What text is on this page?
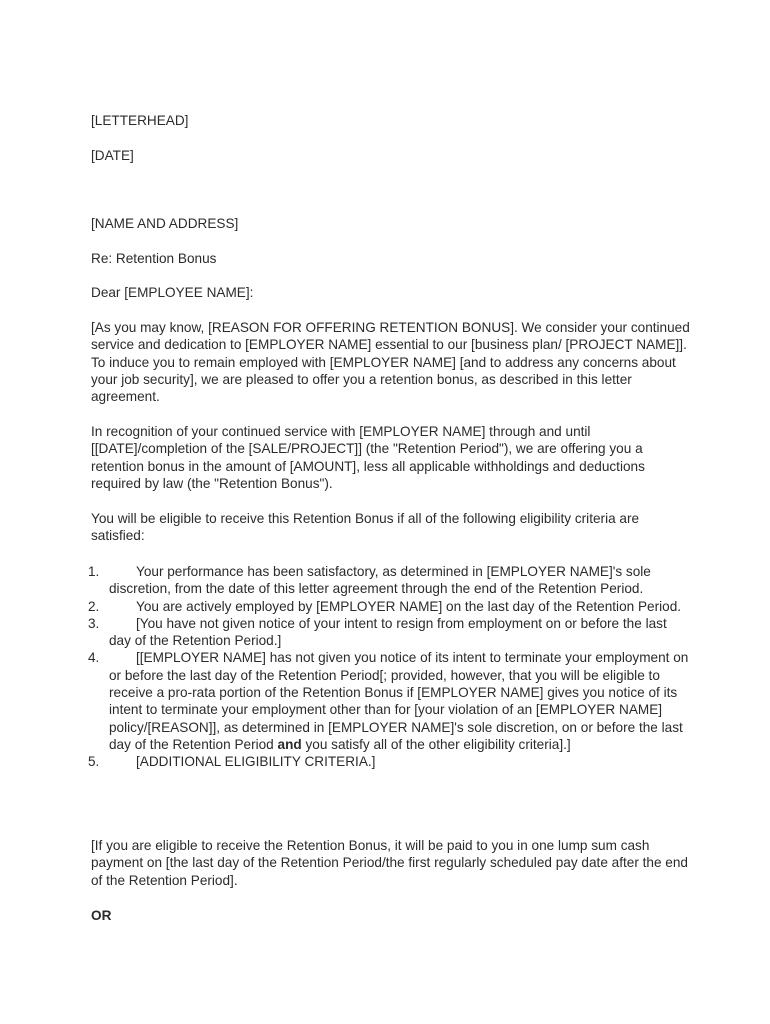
[LETTERHEAD]

[DATE]

[NAME AND ADDRESS]

Re: Retention Bonus

Dear [EMPLOYEE NAME]:

[As you may know, [REASON FOR OFFERING RETENTION BONUS]. We consider your continued service and dedication to [EMPLOYER NAME] essential to our [business plan/ [PROJECT NAME]]. To induce you to remain employed with [EMPLOYER NAME] [and to address any concerns about your job security], we are pleased to offer you a retention bonus, as described in this letter agreement.

In recognition of your continued service with [EMPLOYER NAME] through and until [[DATE]/completion of the [SALE/PROJECT]] (the "Retention Period"), we are offering you a retention bonus in the amount of [AMOUNT], less all applicable withholdings and deductions required by law (the "Retention Bonus").

You will be eligible to receive this Retention Bonus if all of the following eligibility criteria are satisfied:

1.	Your performance has been satisfactory, as determined in [EMPLOYER NAME]'s sole discretion, from the date of this letter agreement through the end of the Retention Period.
2.	You are actively employed by [EMPLOYER NAME] on the last day of the Retention Period.
3.	[You have not given notice of your intent to resign from employment on or before the last day of the Retention Period.]
4.	[[EMPLOYER NAME] has not given you notice of its intent to terminate your employment on or before the last day of the Retention Period[; provided, however, that you will be eligible to receive a pro-rata portion of the Retention Bonus if [EMPLOYER NAME] gives you notice of its intent to terminate your employment other than for [your violation of an [EMPLOYER NAME] policy/[REASON]], as determined in [EMPLOYER NAME]'s sole discretion, on or before the last day of the Retention Period and you satisfy all of the other eligibility criteria].]
5.	[ADDITIONAL ELIGIBILITY CRITERIA.]

[If you are eligible to receive the Retention Bonus, it will be paid to you in one lump sum cash payment on [the last day of the Retention Period/the first regularly scheduled pay date after the end of the Retention Period].

OR
